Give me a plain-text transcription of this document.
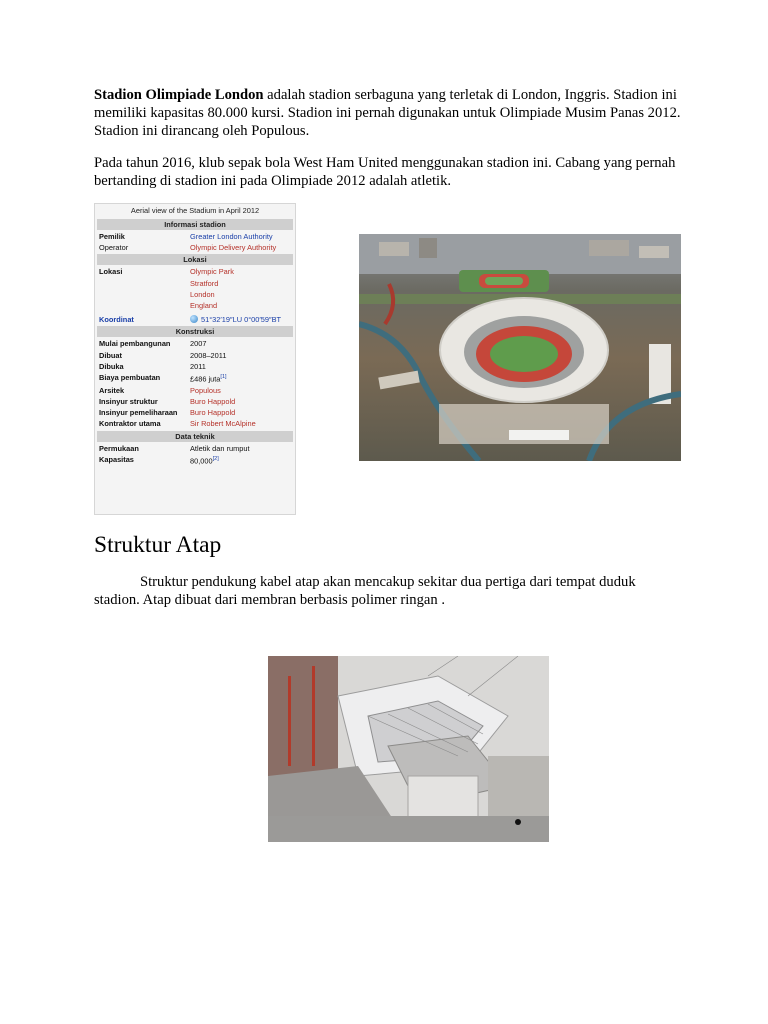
Stadion Olimpiade London adalah stadion serbaguna yang terletak di London, Inggris. Stadion ini memiliki kapasitas 80.000 kursi. Stadion ini pernah digunakan untuk Olimpiade Musim Panas 2012. Stadion ini dirancang oleh Populous.

Pada tahun 2016, klub sepak bola West Ham United menggunakan stadion ini. Cabang yang pernah bertanding di stadion ini pada Olimpiade 2012 adalah atletik.

Aerial view of the Stadium in April 2012
Informasi stadion
Pemilik	Greater London Authority
Operator	Olympic Delivery Authority
Lokasi
Lokasi	Olympic Park
Stratford
London
England
Koordinat	51°32′19″LU 0°00′59″BT
Konstruksi
Mulai pembangunan	2007
Dibuat	2008–2011
Dibuka	2011
Biaya pembuatan	£486 juta[1]
Arsitek	Populous
Insinyur struktur	Buro Happold
Insinyur pemeliharaan	Buro Happold
Kontraktor utama	Sir Robert McAlpine
Data teknik
Permukaan	Atletik dan rumput
Kapasitas	80,000[2]
Struktur Atap

Struktur pendukung kabel atap akan mencakup sekitar dua pertiga dari tempat duduk stadion. Atap dibuat dari membran berbasis polimer ringan .
